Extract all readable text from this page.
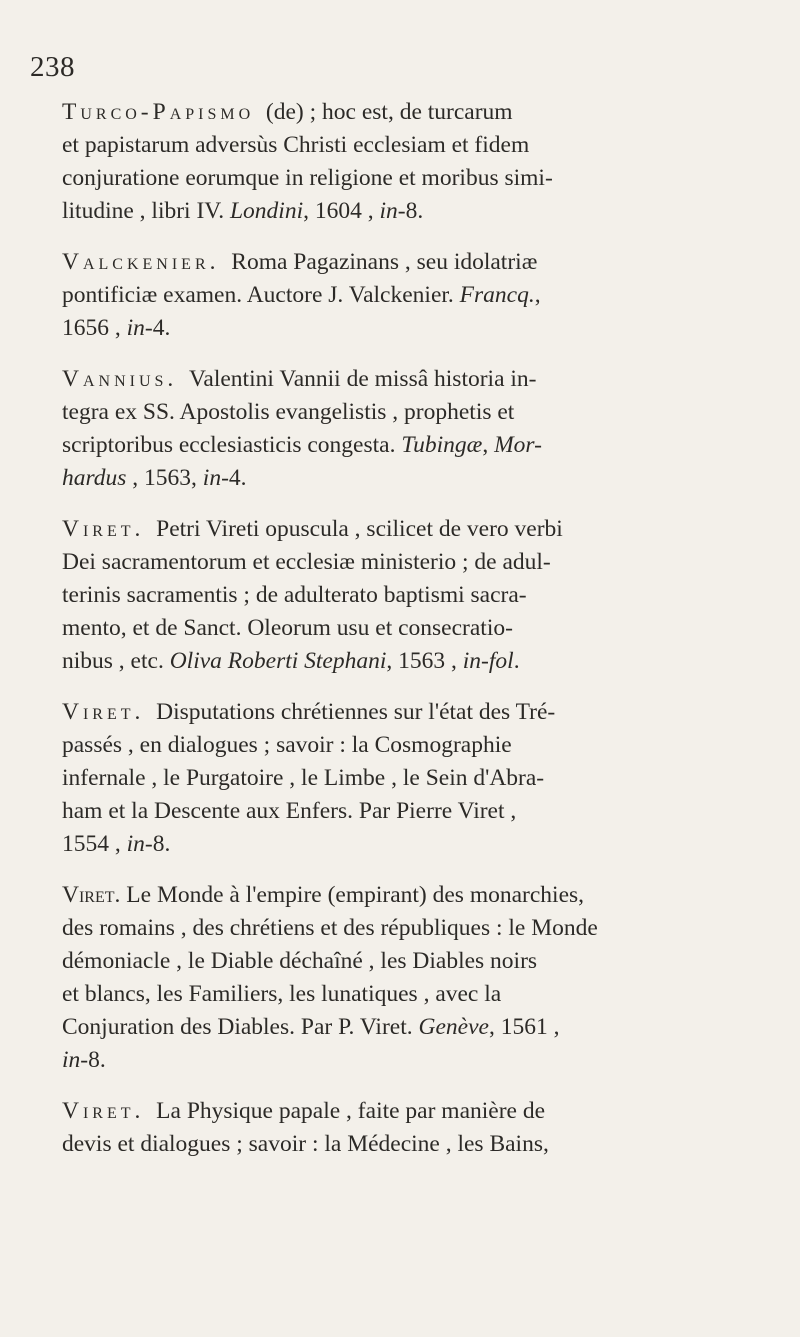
238
Turco-Papismo (de) ; hoc est, de turcarum
et papistarum adversùs Christi ecclesiam et fidem
conjuratione eorumque in religione et moribus simi-
litudine , libri IV. Londini, 1604 , in-8.
Valckenier. Roma Pagazinans , seu idolatriæ
pontificiæ examen. Auctore J. Valckenier. Francq.,
1656 , in-4.
Vannius. Valentini Vannii de missâ historia in-
tegra ex SS. Apostolis evangelistis , prophetis et
scriptoribus ecclesiasticis congesta. Tubingæ, Mor-
hardus , 1563, in-4.
Viret. Petri Vireti opuscula , scilicet de vero verbi
Dei sacramentorum et ecclesiæ ministerio ; de adul-
terinis sacramentis ; de adulterato baptismi sacra-
mento, et de Sanct. Oleorum usu et consecratio-
nibus , etc. Oliva Roberti Stephani, 1563 , in-fol.
Viret. Disputations chrétiennes sur l'état des Tré-
passés , en dialogues ; savoir : la Cosmographie
infernale , le Purgatoire , le Limbe , le Sein d'Abra-
ham et la Descente aux Enfers. Par Pierre Viret ,
1554 , in-8.
Viret. Le Monde à l'empire (empirant) des monarchies,
des romains , des chrétiens et des républiques : le Monde
démoniacle , le Diable déchaîné , les Diables noirs
et blancs, les Familiers, les lunatiques , avec la
Conjuration des Diables. Par P. Viret. Genève, 1561 ,
in-8.
Viret. La Physique papale , faite par manière de
devis et dialogues ; savoir : la Médecine , les Bains,
